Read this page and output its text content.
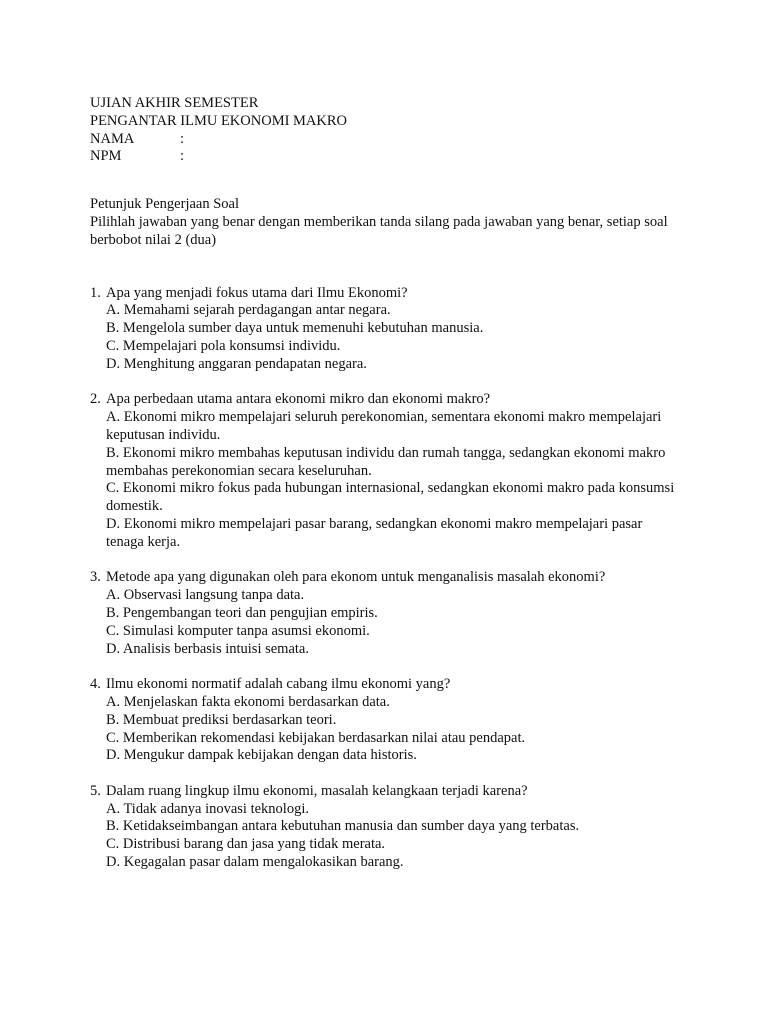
UJIAN AKHIR SEMESTER
PENGANTAR ILMU EKONOMI MAKRO
NAMA	:
NPM	:
Petunjuk Pengerjaan Soal
Pilihlah jawaban yang benar dengan memberikan tanda silang pada jawaban yang benar, setiap soal berbobot nilai 2 (dua)
1. Apa yang menjadi fokus utama dari Ilmu Ekonomi?
A. Memahami sejarah perdagangan antar negara.
B. Mengelola sumber daya untuk memenuhi kebutuhan manusia.
C. Mempelajari pola konsumsi individu.
D. Menghitung anggaran pendapatan negara.
2. Apa perbedaan utama antara ekonomi mikro dan ekonomi makro?
A. Ekonomi mikro mempelajari seluruh perekonomian, sementara ekonomi makro mempelajari keputusan individu.
B. Ekonomi mikro membahas keputusan individu dan rumah tangga, sedangkan ekonomi makro membahas perekonomian secara keseluruhan.
C. Ekonomi mikro fokus pada hubungan internasional, sedangkan ekonomi makro pada konsumsi domestik.
D. Ekonomi mikro mempelajari pasar barang, sedangkan ekonomi makro mempelajari pasar tenaga kerja.
3. Metode apa yang digunakan oleh para ekonom untuk menganalisis masalah ekonomi?
A. Observasi langsung tanpa data.
B. Pengembangan teori dan pengujian empiris.
C. Simulasi komputer tanpa asumsi ekonomi.
D. Analisis berbasis intuisi semata.
4. Ilmu ekonomi normatif adalah cabang ilmu ekonomi yang?
A. Menjelaskan fakta ekonomi berdasarkan data.
B. Membuat prediksi berdasarkan teori.
C. Memberikan rekomendasi kebijakan berdasarkan nilai atau pendapat.
D. Mengukur dampak kebijakan dengan data historis.
5. Dalam ruang lingkup ilmu ekonomi, masalah kelangkaan terjadi karena?
A. Tidak adanya inovasi teknologi.
B. Ketidakseimbangan antara kebutuhan manusia dan sumber daya yang terbatas.
C. Distribusi barang dan jasa yang tidak merata.
D. Kegagalan pasar dalam mengalokasikan barang.
